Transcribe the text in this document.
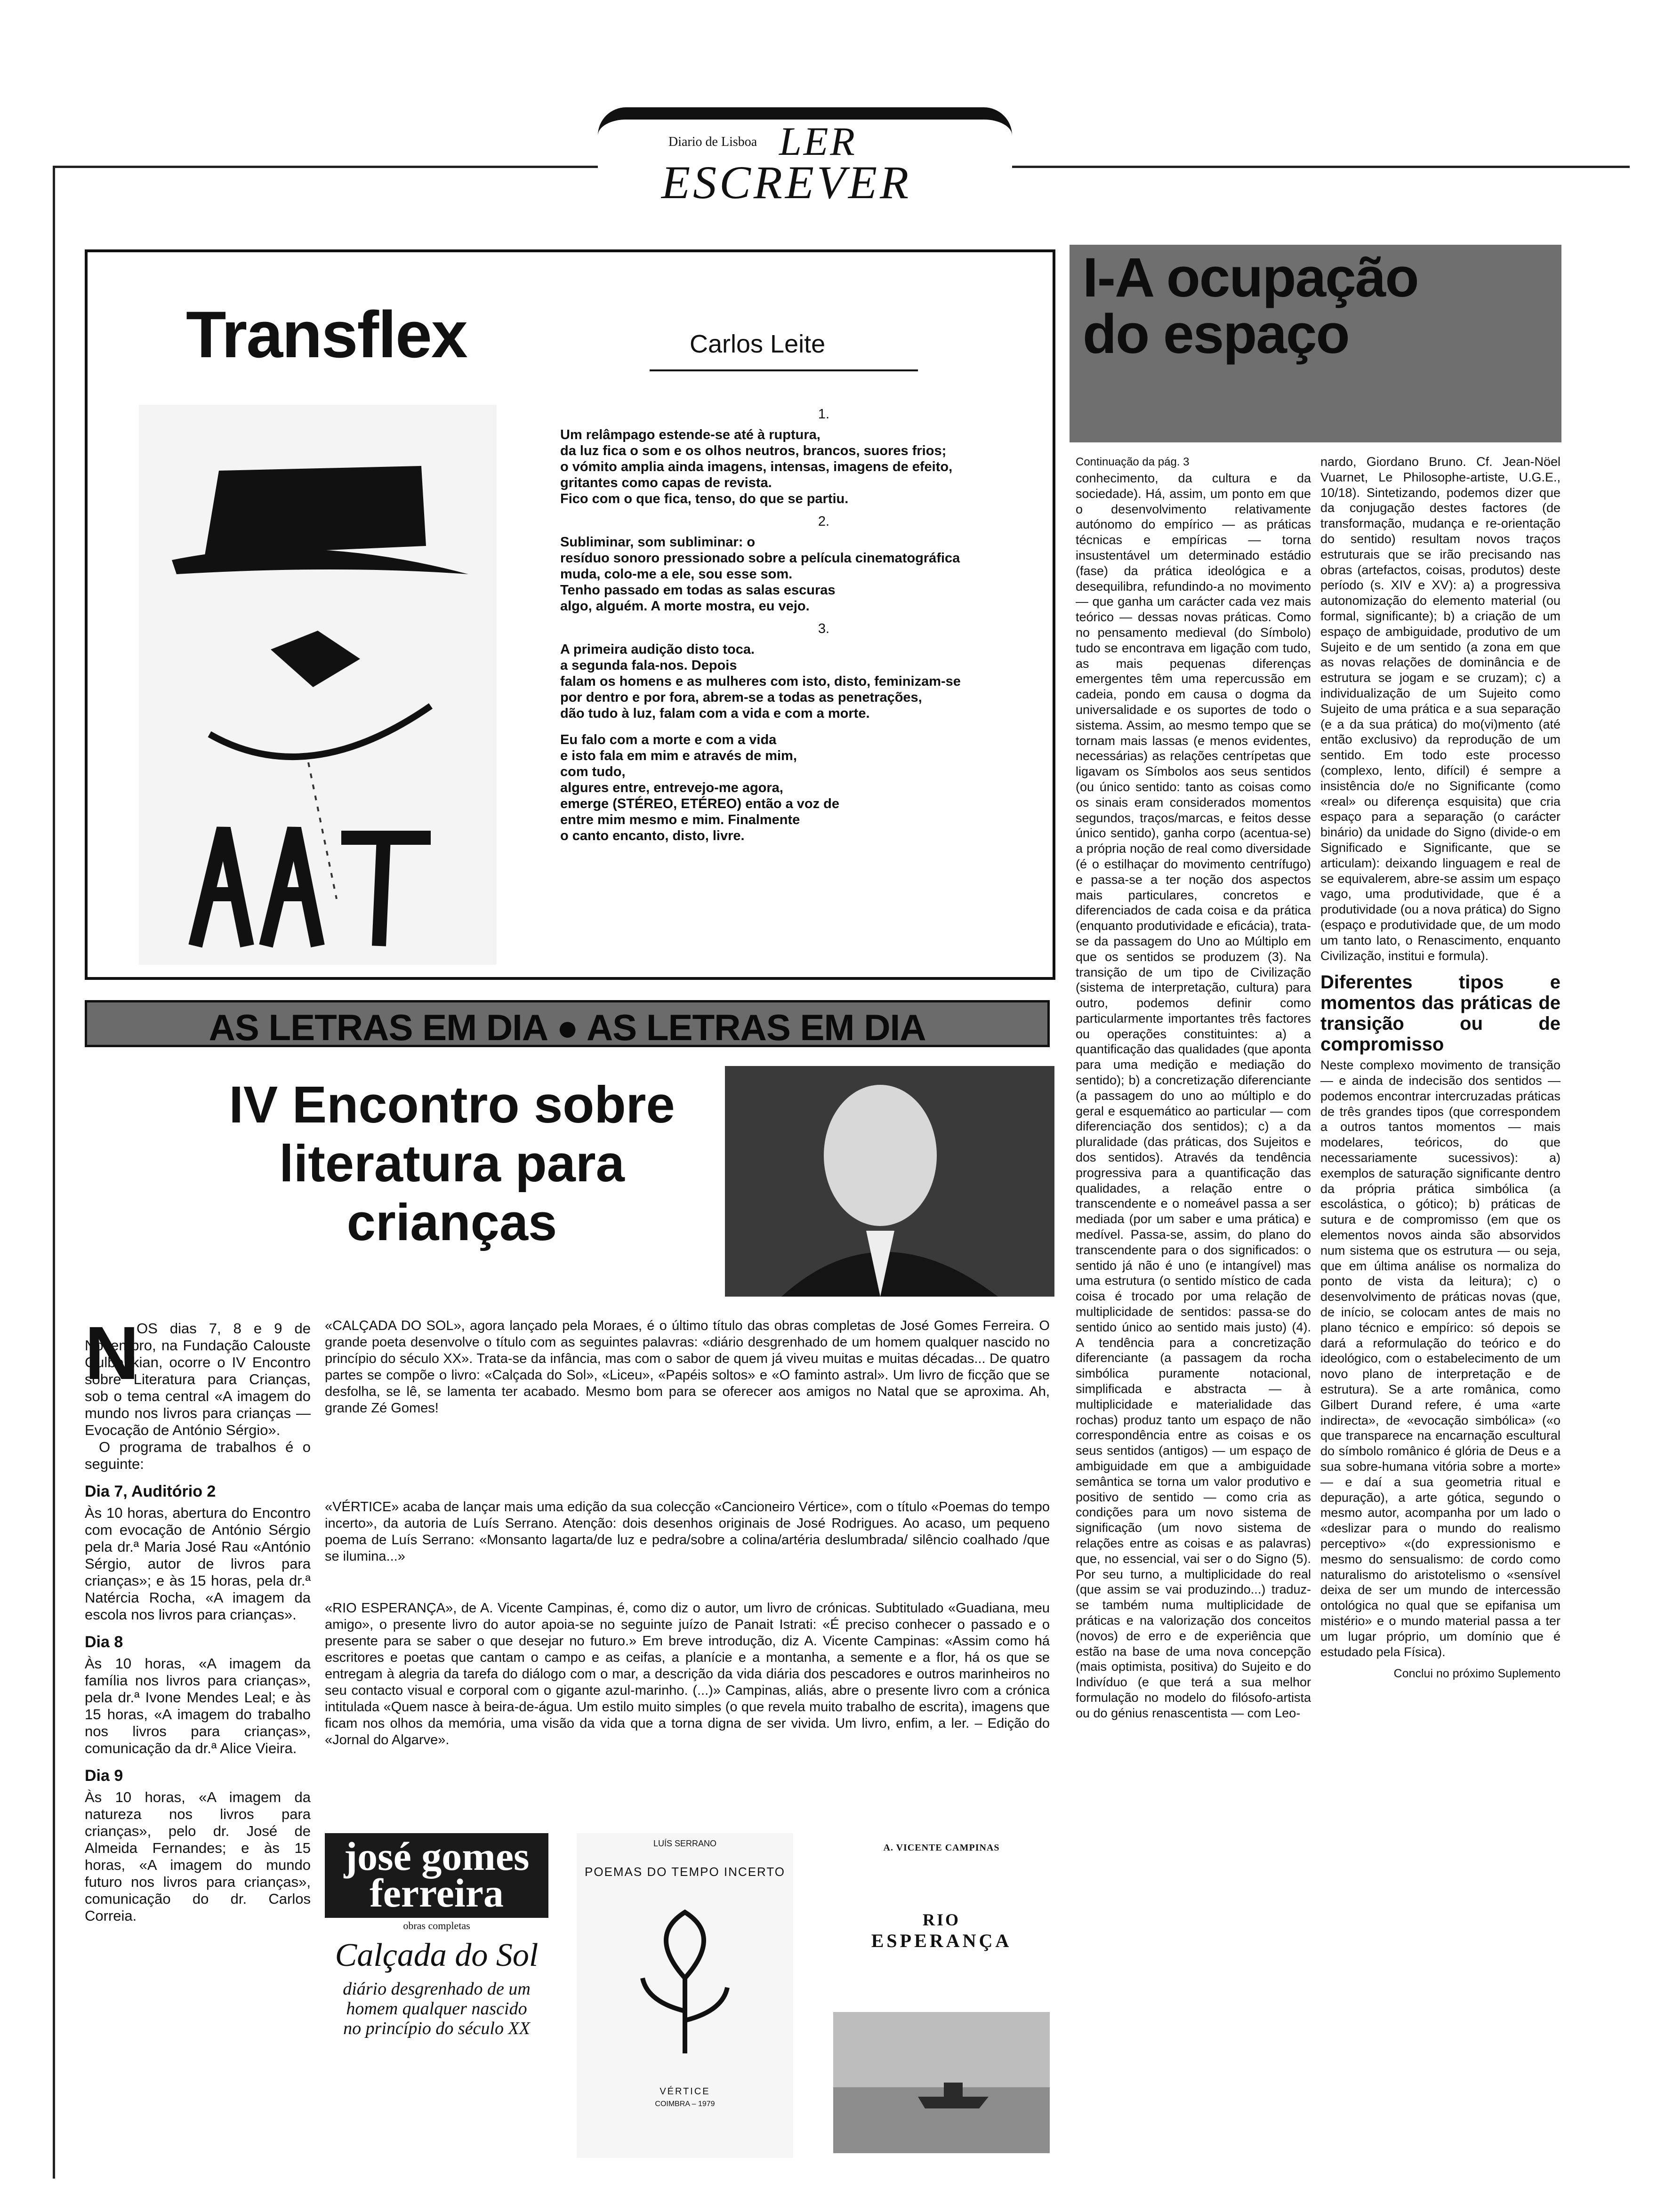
Diario de Lisboa LER
ESCREVER
Transflex	Carlos Leite

1.

Um relâmpago estende-se até à ruptura,
da luz fica o som e os olhos neutros, brancos, suores frios;
o vómito amplia ainda imagens, intensas, imagens de efeito,
gritantes como capas de revista.
Fico com o que fica, tenso, do que se partiu.

2.

Subliminar, som subliminar: o
resíduo sonoro pressionado sobre a película cinematográfica
muda, colo-me a ele, sou esse som.
Tenho passado em todas as salas escuras
algo, alguém. A morte mostra, eu vejo.

3.

A primeira audição disto toca.
a segunda fala-nos. Depois
falam os homens e as mulheres com isto, disto, feminizam-se
por dentro e por fora, abrem-se a todas as penetrações,
dão tudo à luz, falam com a vida e com a morte.

Eu falo com a morte e com a vida
e isto fala em mim e através de mim,
com tudo,
algures entre, entrevejo-me agora,
emerge (STÉREO, ETÉREO) então a voz de
entre mim mesmo e mim. Finalmente
o canto encanto, disto, livre.

I-A ocupação
do espaço
Continuação da pág. 3
conhecimento, da cultura e da sociedade). Há, assim, um ponto em que o desenvolvimento relativamente autónomo do empírico — as práticas técnicas e empíricas — torna insustentável um determinado estádio (fase) da prática ideológica e a desequilibra, refundindo-a no movimento — que ganha um carácter cada vez mais teórico — dessas novas práticas. Como no pensamento medieval (do Símbolo) tudo se encontrava em ligação com tudo, as mais pequenas diferenças emergentes têm uma repercussão em cadeia, pondo em causa o dogma da universalidade e os suportes de todo o sistema. Assim, ao mesmo tempo que se tornam mais lassas (e menos evidentes, necessárias) as relações centrípetas que ligavam os Símbolos aos seus sentidos (ou único sentido: tanto as coisas como os sinais eram considerados momentos segundos, traços/marcas, e feitos desse único sentido), ganha corpo (acentua-se) a própria noção de real como diversidade (é o estilhaçar do movimento centrífugo) e passa-se a ter noção dos aspectos mais particulares, concretos e diferenciados de cada coisa e da prática (enquanto produtividade e eficácia), trata-se da passagem do Uno ao Múltiplo em que os sentidos se produzem (3). Na transição de um tipo de Civilização (sistema de interpretação, cultura) para outro, podemos definir como particularmente importantes três factores ou operações constituintes: a) a quantificação das qualidades (que aponta para uma medição e mediação do sentido); b) a concretização diferenciante (a passagem do uno ao múltiplo e do geral e esquemático ao particular — com diferenciação dos sentidos); c) a da pluralidade (das práticas, dos Sujeitos e dos sentidos). Através da tendência progressiva para a quantificação das qualidades, a relação entre o transcendente e o nomeável passa a ser mediada (por um saber e uma prática) e medível. Passa-se, assim, do plano do transcendente para o dos significados: o sentido já não é uno (e intangível) mas uma estrutura (o sentido místico de cada coisa é trocado por uma relação de multiplicidade de sentidos: passa-se do sentido único ao sentido mais justo) (4). A tendência para a concretização diferenciante (a passagem da rocha simbólica puramente notacional, simplificada e abstracta — à multiplicidade e materialidade das rochas) produz tanto um espaço de não correspondência entre as coisas e os seus sentidos (antigos) — um espaço de ambiguidade em que a ambiguidade semântica se torna um valor produtivo e positivo de sentido — como cria as condições para um novo sistema de significação (um novo sistema de relações entre as coisas e as palavras) que, no essencial, vai ser o do Signo (5). Por seu turno, a multiplicidade do real (que assim se vai produzindo...) traduz-se também numa multiplicidade de práticas e na valorização dos conceitos (novos) de erro e de experiência que estão na base de uma nova concepção (mais optimista, positiva) do Sujeito e do Indivíduo (e que terá a sua melhor formulação no modelo do filósofo-artista ou do génius renascentista — com Leo-

nardo, Giordano Bruno. Cf. Jean-Nöel Vuarnet, Le Philosophe-artiste, U.G.E., 10/18). Sintetizando, podemos dizer que da conjugação destes factores (de transformação, mudança e re-orientação do sentido) resultam novos traços estruturais que se irão precisando nas obras (artefactos, coisas, produtos) deste período (s. XIV e XV): a) a progressiva autonomização do elemento material (ou formal, significante); b) a criação de um espaço de ambiguidade, produtivo de um Sujeito e de um sentido (a zona em que as novas relações de dominância e de estrutura se jogam e se cruzam); c) a individualização de um Sujeito como Sujeito de uma prática e a sua separação (e a da sua prática) do mo(vi)mento (até então exclusivo) da reprodução de um sentido. Em todo este processo (complexo, lento, difícil) é sempre a insistência do/e no Significante (como «real» ou diferença esquisita) que cria espaço para a separação (o carácter binário) da unidade do Signo (divide-o em Significado e Significante, que se articulam): deixando linguagem e real de se equivalerem, abre-se assim um espaço vago, uma produtividade, que é a produtividade (ou a nova prática) do Signo (espaço e produtividade que, de um modo um tanto lato, o Renascimento, enquanto Civilização, institui e formula).

Diferentes tipos e momentos das práticas de transição ou de compromisso

Neste complexo movimento de transição — e ainda de indecisão dos sentidos — podemos encontrar intercruzadas práticas de três grandes tipos (que correspondem a outros tantos momentos — mais modelares, teóricos, do que necessariamente sucessivos): a) exemplos de saturação significante dentro da própria prática simbólica (a escolástica, o gótico); b) práticas de sutura e de compromisso (em que os elementos novos ainda são absorvidos num sistema que os estrutura — ou seja, que em última análise os normaliza do ponto de vista da leitura); c) o desenvolvimento de práticas novas (que, de início, se colocam antes de mais no plano técnico e empírico: só depois se dará a reformulação do teórico e do ideológico, com o estabelecimento de um novo plano de interpretação e de estrutura). Se a arte românica, como Gilbert Durand refere, é uma «arte indirecta», de «evocação simbólica» («o que transparece na encarnação escultural do símbolo românico é glória de Deus e a sua sobre-humana vitória sobre a morte» — e daí a sua geometria ritual e depuração), a arte gótica, segundo o mesmo autor, acompanha por um lado o «deslizar para o mundo do realismo perceptivo» «(do expressionismo e mesmo do sensualismo: de cordo como naturalismo do aristotelismo o «sensível deixa de ser um mundo de intercessão ontológica no qual que se epifanisa um mistério» e o mundo material passa a ter um lugar próprio, um domínio que é estudado pela Física).

Conclui no próximo Suplemento

AS LETRAS EM DIA ● AS LETRAS EM DIA
IV Encontro sobre literatura para crianças
N

OS dias 7, 8 e 9 de Novembro, na Fundação Calouste Gulbenkian, ocorre o IV Encontro sobre Literatura para Crianças, sob o tema central «A imagem do mundo nos livros para crianças — Evocação de António Sérgio».

O programa de trabalhos é o seguinte:

Dia 7, Auditório 2

Às 10 horas, abertura do Encontro com evocação de António Sérgio pela dr.ª Maria José Rau «António Sérgio, autor de livros para crianças»; e às 15 horas, pela dr.ª Natércia Rocha, «A imagem da escola nos livros para crianças».

Dia 8

Às 10 horas, «A imagem da família nos livros para crianças», pela dr.ª Ivone Mendes Leal; e às 15 horas, «A imagem do trabalho nos livros para crianças», comunicação da dr.ª Alice Vieira.

Dia 9

Às 10 horas, «A imagem da natureza nos livros para crianças», pelo dr. José de Almeida Fernandes; e às 15 horas, «A imagem do mundo futuro nos livros para crianças», comunicação do dr. Carlos Correia.

«CALÇADA DO SOL», agora lançado pela Moraes, é o último título das obras completas de José Gomes Ferreira. O grande poeta desenvolve o título com as seguintes palavras: «diário desgrenhado de um homem qualquer nascido no princípio do século XX». Trata-se da infância, mas com o sabor de quem já viveu muitas e muitas décadas... De quatro partes se compõe o livro: «Calçada do Sol», «Liceu», «Papéis soltos» e «O faminto astral». Um livro de ficção que se desfolha, se lê, se lamenta ter acabado. Mesmo bom para se oferecer aos amigos no Natal que se aproxima. Ah, grande Zé Gomes!
«VÉRTICE» acaba de lançar mais uma edição da sua colecção «Cancioneiro Vértice», com o título «Poemas do tempo incerto», da autoria de Luís Serrano. Atenção: dois desenhos originais de José Rodrigues. Ao acaso, um pequeno poema de Luís Serrano: «Monsanto lagarta/de luz e pedra/sobre a colina/artéria deslumbrada/ silêncio coalhado /que se ilumina...»
«RIO ESPERANÇA», de A. Vicente Campinas, é, como diz o autor, um livro de crónicas. Subtitulado «Guadiana, meu amigo», o presente livro do autor apoia-se no seguinte juízo de Panait Istrati: «É preciso conhecer o passado e o presente para se saber o que desejar no futuro.» Em breve introdução, diz A. Vicente Campinas: «Assim como há escritores e poetas que cantam o campo e as ceifas, a planície e a montanha, a semente e a flor, há os que se entregam à alegria da tarefa do diálogo com o mar, a descrição da vida diária dos pescadores e outros marinheiros no seu contacto visual e corporal com o gigante azul-marinho. (...)» Campinas, aliás, abre o presente livro com a crónica intitulada «Quem nasce à beira-de-água. Um estilo muito simples (o que revela muito trabalho de escrita), imagens que ficam nos olhos da memória, uma visão da vida que a torna digna de ser vivida. Um livro, enfim, a ler. – Edição do «Jornal do Algarve».
josé gomes ferreira
obras completas
Calçada do Sol
diário desgrenhado de um homem qualquer nascido no princípio do século XX
LUÍS SERRANO
POEMAS DO TEMPO INCERTO
VÉRTICE
COIMBRA – 1979
A. VICENTE CAMPINAS
RIO
ESPERANÇA
